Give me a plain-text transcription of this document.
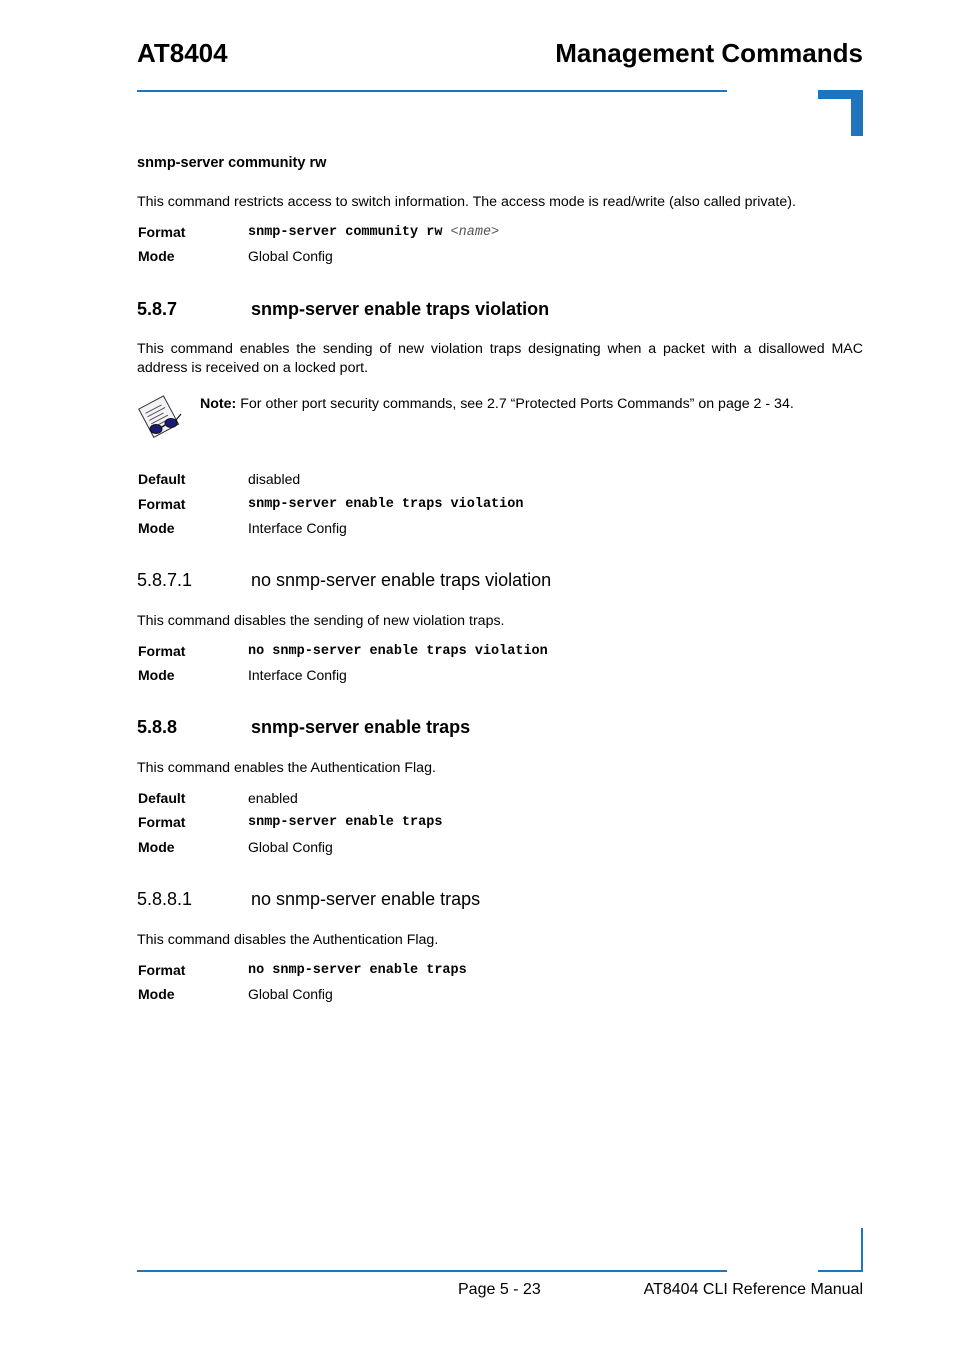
AT8404	Management Commands
snmp-server community rw
This command restricts access to switch information. The access mode is read/write (also called private).
Format	snmp-server community rw <name>
Mode	Global Config
5.8.7	snmp-server enable traps violation
This command enables the sending of new violation traps designating when a packet with a disallowed MAC address is received on a locked port.
Note: For other port security commands, see 2.7 “Protected Ports Commands” on page 2 - 34.
Default	disabled
Format	snmp-server enable traps violation
Mode	Interface Config
5.8.7.1	no snmp-server enable traps violation
This command disables the sending of new violation traps.
Format	no snmp-server enable traps violation
Mode	Interface Config
5.8.8	snmp-server enable traps
This command enables the Authentication Flag.
Default	enabled
Format	snmp-server enable traps
Mode	Global Config
5.8.8.1	no snmp-server enable traps
This command disables the Authentication Flag.
Format	no snmp-server enable traps
Mode	Global Config
Page 5 - 23	AT8404 CLI Reference Manual
